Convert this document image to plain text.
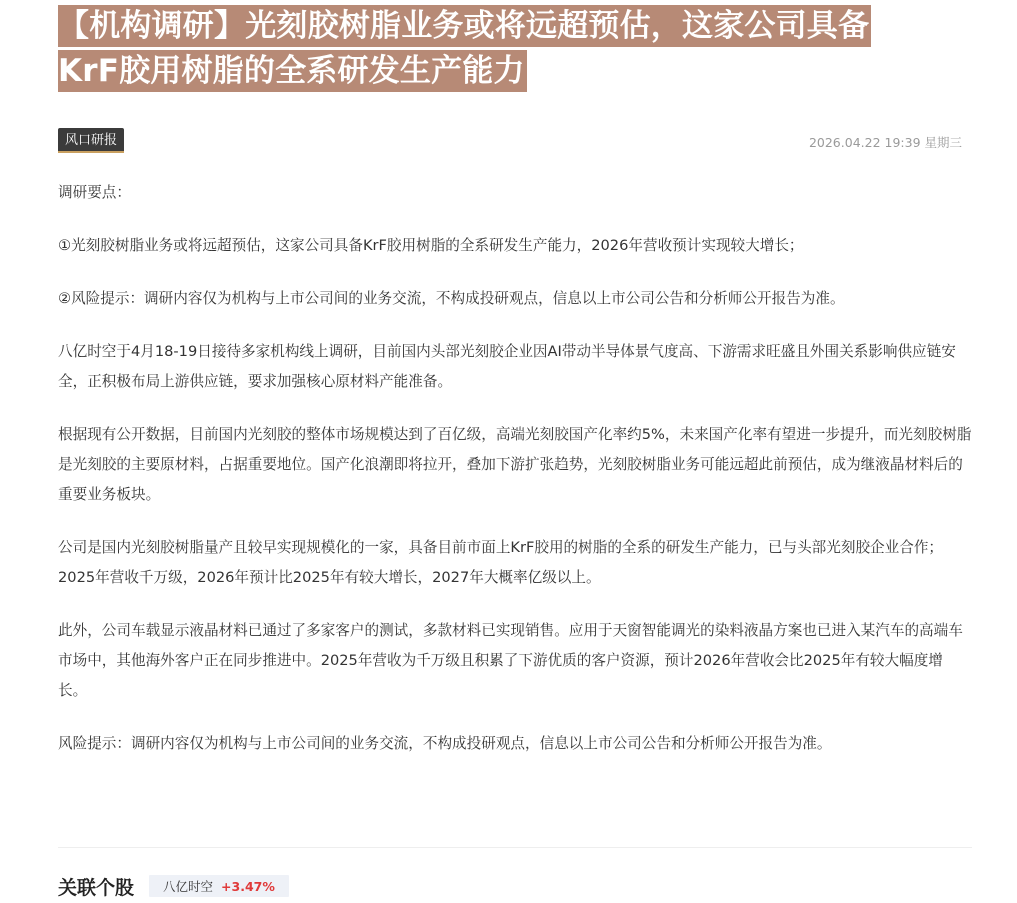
【机构调研】光刻胶树脂业务或将远超预估，这家公司具备
KrF胶用树脂的全系研发生产能力
风口研报	2026.04.22 19:39 星期三

调研要点：

①光刻胶树脂业务或将远超预估，这家公司具备KrF胶用树脂的全系研发生产能力，2026年营收预计实现较大增长；

②风险提示：调研内容仅为机构与上市公司间的业务交流，不构成投研观点，信息以上市公司公告和分析师公开报告为准。

八亿时空于4月18-19日接待多家机构线上调研，目前国内头部光刻胶企业因AI带动半导体景气度高、下游需求旺盛且外围关系影响供应链安全，正积极布局上游供应链，要求加强核心原材料产能准备。

根据现有公开数据，目前国内光刻胶的整体市场规模达到了百亿级，高端光刻胶国产化率约5%，未来国产化率有望进一步提升，而光刻胶树脂是光刻胶的主要原材料，占据重要地位。国产化浪潮即将拉开，叠加下游扩张趋势，光刻胶树脂业务可能远超此前预估，成为继液晶材料后的重要业务板块。

公司是国内光刻胶树脂量产且较早实现规模化的一家，具备目前市面上KrF胶用的树脂的全系的研发生产能力，已与头部光刻胶企业合作；2025年营收千万级，2026年预计比2025年有较大增长，2027年大概率亿级以上。

此外，公司车载显示液晶材料已通过了多家客户的测试，多款材料已实现销售。应用于天窗智能调光的染料液晶方案也已进入某汽车的高端车市场中，其他海外客户正在同步推进中。2025年营收为千万级且积累了下游优质的客户资源，预计2026年营收会比2025年有较大幅度增长。

风险提示：调研内容仅为机构与上市公司间的业务交流，不构成投研观点，信息以上市公司公告和分析师公开报告为准。

关联个股 八亿时空 +3.47%
